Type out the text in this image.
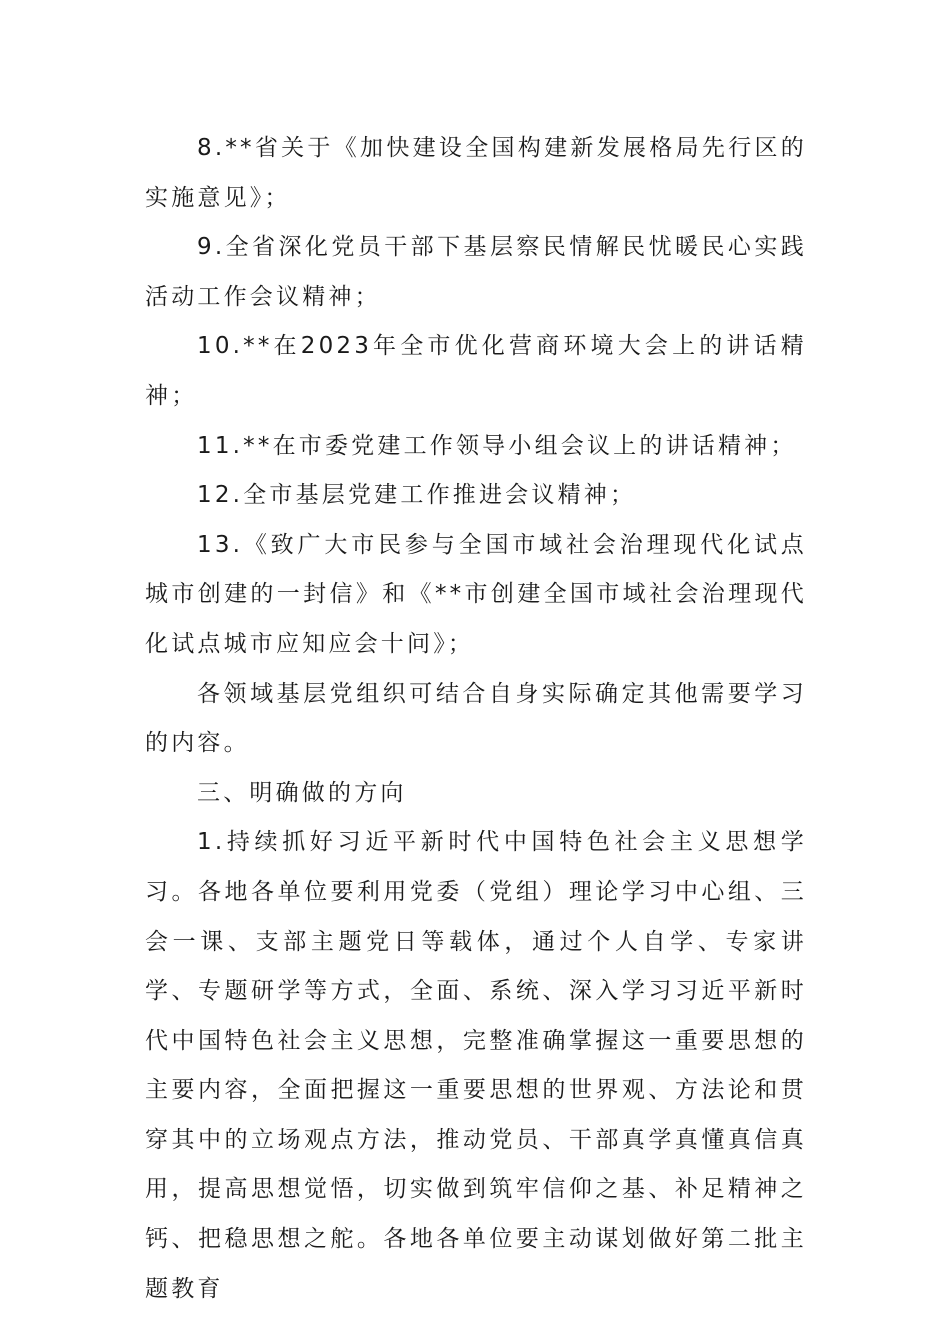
8.**省关于《加快建设全国构建新发展格局先行区的实施意见》；

9.全省深化党员干部下基层察民情解民忧暖民心实践活动工作会议精神；

10.**在2023年全市优化营商环境大会上的讲话精神；

11.**在市委党建工作领导小组会议上的讲话精神；

12.全市基层党建工作推进会议精神；

13.《致广大市民参与全国市域社会治理现代化试点城市创建的一封信》和《**市创建全国市域社会治理现代化试点城市应知应会十问》；

各领域基层党组织可结合自身实际确定其他需要学习的内容。

三、明确做的方向

1.持续抓好习近平新时代中国特色社会主义思想学习。各地各单位要利用党委（党组）理论学习中心组、三会一课、支部主题党日等载体，通过个人自学、专家讲学、专题研学等方式，全面、系统、深入学习习近平新时代中国特色社会主义思想，完整准确掌握这一重要思想的主要内容，全面把握这一重要思想的世界观、方法论和贯穿其中的立场观点方法，推动党员、干部真学真懂真信真用，提高思想觉悟，切实做到筑牢信仰之基、补足精神之钙、把稳思想之舵。各地各单位要主动谋划做好第二批主题教育
